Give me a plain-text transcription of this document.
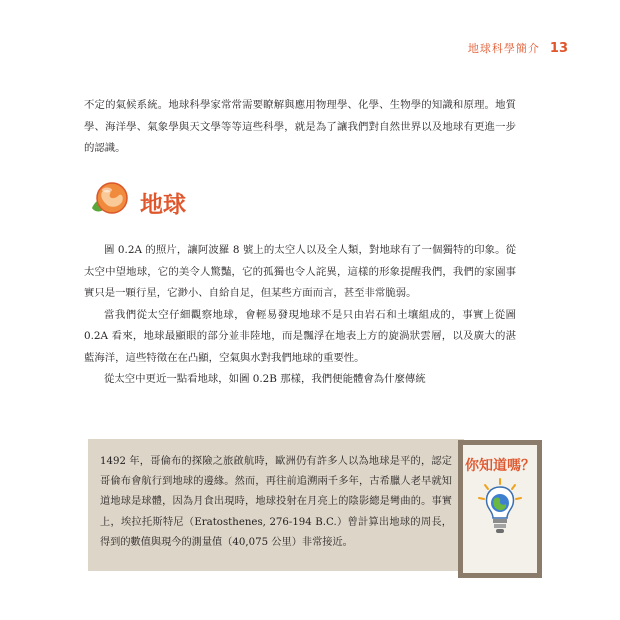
地球科學簡介 13
不定的氣候系統。地球科學家常常需要瞭解與應用物理學、化學、生物學的知識和原理。地質學、海洋學、氣象學與天文學等等這些科學，就是為了讓我們對自然世界以及地球有更進一步的認識。
地球

圖 0.2A 的照片，讓阿波羅 8 號上的太空人以及全人類，對地球有了一個獨特的印象。從太空中望地球，它的美令人驚豔，它的孤獨也令人詫異，這樣的形象提醒我們，我們的家園事實只是一顆行星，它渺小、自給自足，但某些方面而言，甚至非常脆弱。

當我們從太空仔細觀察地球，會輕易發現地球不是只由岩石和土壤組成的，事實上從圖 0.2A 看來，地球最顯眼的部分並非陸地，而是飄浮在地表上方的旋渦狀雲層，以及廣大的湛藍海洋，這些特徵在在凸顯，空氣與水對我們地球的重要性。

從太空中更近一點看地球，如圖 0.2B 那樣，我們便能體會為什麼傳統

1492 年，哥倫布的探險之旅啟航時，歐洲仍有許多人以為地球是平的，認定哥倫布會航行到地球的邊緣。然而，再往前追溯兩千多年，古希臘人老早就知道地球是球體，因為月食出現時，地球投射在月亮上的陰影總是彎曲的。事實上，埃拉托斯特尼（Eratosthenes, 276-194 B.C.）曾計算出地球的周長，得到的數值與現今的測量值（40,075 公里）非常接近。
你知道嗎？
